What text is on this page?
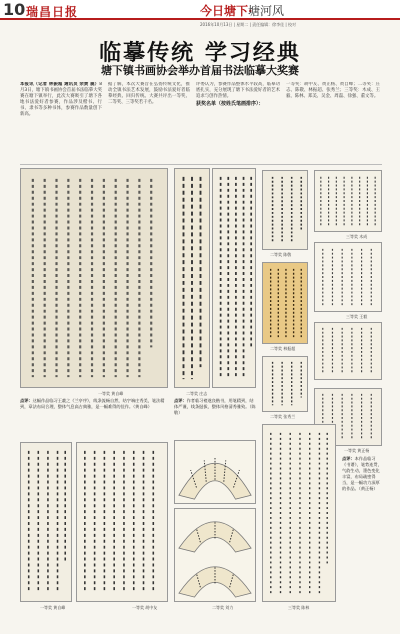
10 瑞昌日报	今日塘下·
塘河风
2016年10月13日 | 星期二 | 责任编辑：徐李佳 | 校对
临摹传统 学习经典
塘下镇书画协会举办首届书法临摹大奖赛
本报讯（记者 林振超 通讯员 余黄 鹿）8月3日，塘下镇书画协会首届书法临摹大奖赛在塘下镇举行，此次大赛吸引了塘下各地书法爱好者参赛，作品涉及楷书、行书、隶书等多种书体，参赛作品数量创下新高。
据了解，本次大赛旨在弘扬传统文化，推动全镇书法艺术发展，鼓励书法爱好者临摹经典、回归传统。大赛共评出一等奖、二等奖、三等奖若干名。
评委认为，参赛作品整体水平较高，临摹功底扎实，充分展现了塘下书法爱好者的艺术追求与创作热情。
获奖名单（按姓氏笔画排序）：
一等奖：胡中友、黄正杨、黄自峰；二等奖：庄志、陈敬、林振超、张秀兰；三等奖：木成、王毅、陈林、郑美、吴金、周磊、徐强、董文等。
一等奖 黄自峰
点评：这幅作品临习王羲之《兰亭序》，线条流畅自然，结字端庄秀美，笔法精到，章法布局合理，整体气息高古典雅，是一幅难得的佳作。（黄自峰）
二等奖 庄志
点评：作者临习褚遂良楷书，用笔精到，结体严谨，线条挺拔，整体风格清秀雅致。（陈敬）
二等奖 陈敬
二等奖 林振超
二等奖 张秀兰
三等奖 木成
三等奖 王毅
一等奖 黄正杨
点评：本作品临习《书谱》，笔势连贯，气韵生动，墨色变化丰富，布局疏密得当，是一幅功力深厚的作品。（黄正杨）
一等奖 黄自峰	一等奖 胡中友	二等奖 刘力	三等奖 陈林
